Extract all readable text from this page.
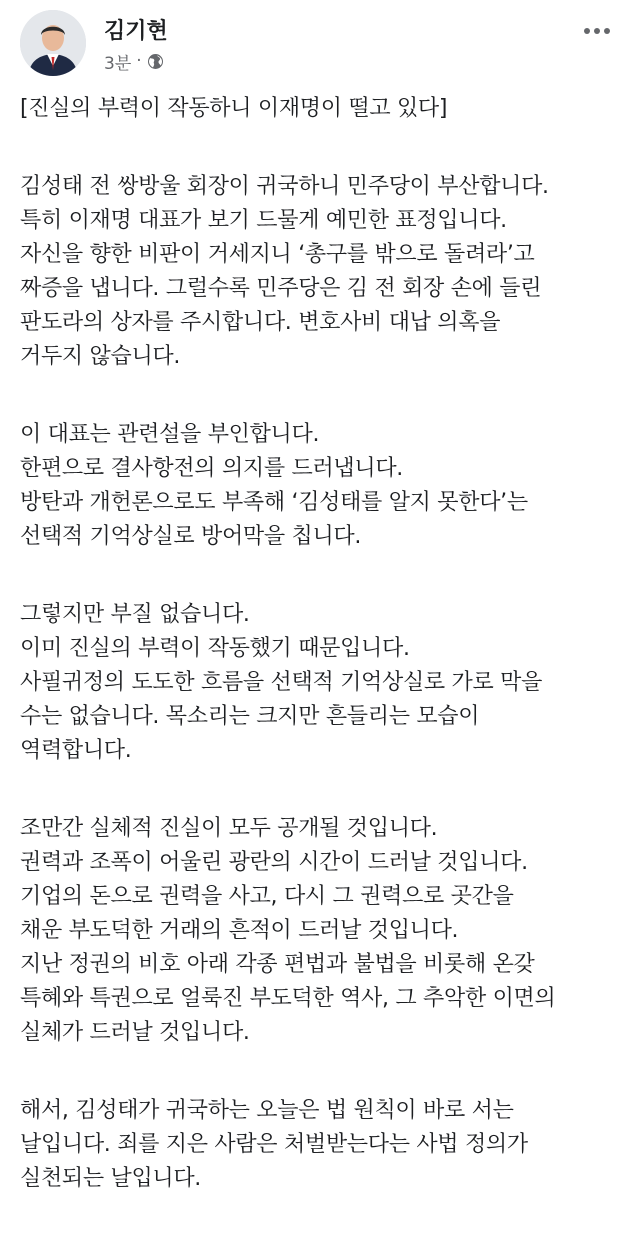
김기현
3분 ·
[진실의 부력이 작동하니 이재명이 떨고 있다]
김성태 전 쌍방울 회장이 귀국하니 민주당이 부산합니다.
특히 이재명 대표가 보기 드물게 예민한 표정입니다.
자신을 향한 비판이 거세지니 ‘총구를 밖으로 돌려라’고
짜증을 냅니다. 그럴수록 민주당은 김 전 회장 손에 들린
판도라의 상자를 주시합니다. 변호사비 대납 의혹을
거두지 않습니다.
이 대표는 관련설을 부인합니다.
한편으로 결사항전의 의지를 드러냅니다.
방탄과 개헌론으로도 부족해 ‘김성태를 알지 못한다’는
선택적 기억상실로 방어막을 칩니다.
그렇지만 부질 없습니다.
이미 진실의 부력이 작동했기 때문입니다.
사필귀정의 도도한 흐름을 선택적 기억상실로 가로 막을
수는 없습니다. 목소리는 크지만 흔들리는 모습이
역력합니다.
조만간 실체적 진실이 모두 공개될 것입니다.
권력과 조폭이 어울린 광란의 시간이 드러날 것입니다.
기업의 돈으로 권력을 사고, 다시 그 권력으로 곳간을
채운 부도덕한 거래의 흔적이 드러날 것입니다.
지난 정권의 비호 아래 각종 편법과 불법을 비롯해 온갖
특혜와 특권으로 얼룩진 부도덕한 역사, 그 추악한 이면의
실체가 드러날 것입니다.
해서, 김성태가 귀국하는 오늘은 법 원칙이 바로 서는
날입니다. 죄를 지은 사람은 처벌받는다는 사법 정의가
실천되는 날입니다.
